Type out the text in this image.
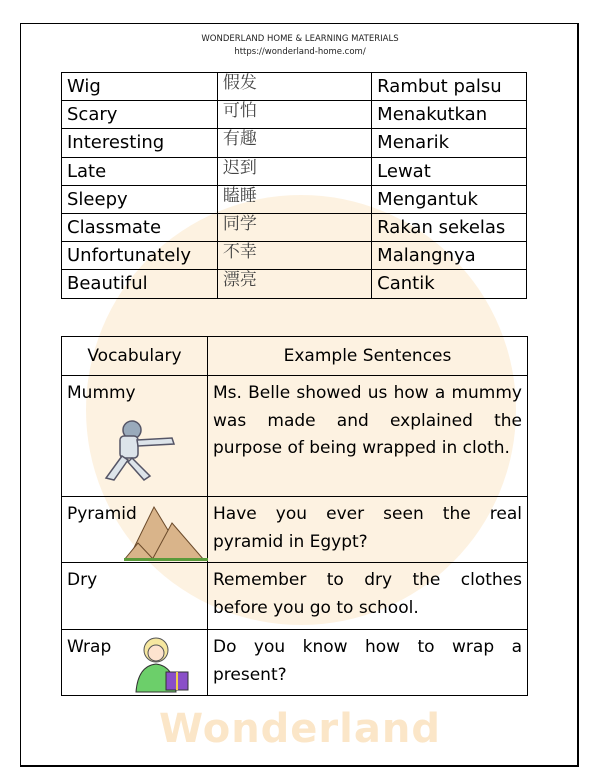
Wonderland
WONDERLAND HOME & LEARNING MATERIALS
https://wonderland-home.com/
Wig	假发	Rambut palsu
Scary	可怕	Menakutkan
Interesting	有趣	Menarik
Late	迟到	Lewat
Sleepy	瞌睡	Mengantuk
Classmate	同学	Rakan sekelas
Unfortunately	不幸	Malangnya
Beautiful	漂亮	Cantik
Vocabulary	Example Sentences
Mummy	Ms. Belle showed us how a mummy was made and explained the purpose of being wrapped in cloth.
Pyramid	Have you ever seen the real pyramid in Egypt?
Dry	Remember to dry the clothes before you go to school.
Wrap	Do you know how to wrap a present?
